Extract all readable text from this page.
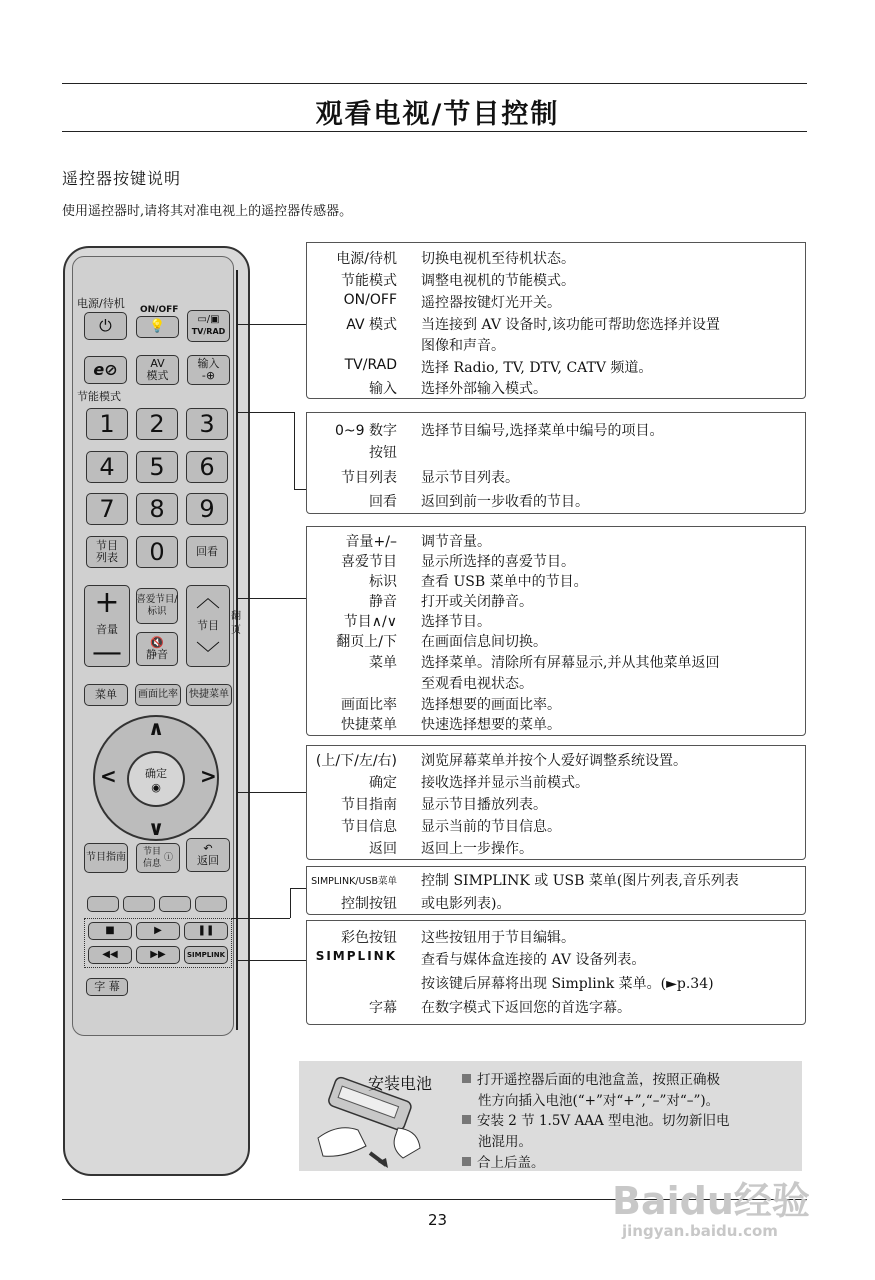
观看电视/节目控制
遥控器按键说明
使用遥控器时,请将其对准电视上的遥控器传感器。
电源/待机 ON/OFF
⏻	💡	▭/▣
TV/RAD
e⊘	AV
模式
输入
-⊕
节能模式
1	2	3
4	5	6
7	8	9
节目
列表	0	回看
+
音量
—
喜爱节目/
标识
🔇
静音
︿
节目
﹀
翻
页
菜单	画面比率	快捷菜单
∧
∨
<	>
确定
◉
节目指南 节目
信息
ⓘ
↶
返回
■	▶	❚❚
◀◀	▶▶	SIMPLINK
字 幕
电源/待机 切换电视机至待机状态。
节能模式 调整电视机的节能模式。
ON/OFF 遥控器按键灯光开关。
AV 模式 当连接到 AV 设备时,该功能可帮助您选择并设置
图像和声音。
TV/RAD 选择 Radio, TV, DTV, CATV 频道。
输入 选择外部输入模式。
0~9 数字 选择节目编号,选择菜单中编号的项目。
按钮
节目列表 显示节目列表。
回看 返回到前一步收看的节目。
音量+/– 调节音量。
喜爱节目 显示所选择的喜爱节目。
标识 查看 USB 菜单中的节目。
静音 打开或关闭静音。
节目∧/∨ 选择节目。
翻页上/下 在画面信息间切换。
菜单 选择菜单。清除所有屏幕显示,并从其他菜单返回
至观看电视状态。
画面比率 选择想要的画面比率。
快捷菜单 快速选择想要的菜单。
(上/下/左/右) 浏览屏幕菜单并按个人爱好调整系统设置。
确定 接收选择并显示当前模式。
节目指南 显示节目播放列表。
节目信息 显示当前的节目信息。
返回 返回上一步操作。
SIMPLINK/USB菜单 控制 SIMPLINK 或 USB 菜单(图片列表,音乐列表
控制按钮 或电影列表)。
彩色按钮 这些按钮用于节目编辑。
SIMPLINK 查看与媒体盒连接的 AV 设备列表。
按该键后屏幕将出现 Simplink 菜单。(►p.34)
字幕 在数字模式下返回您的首选字幕。
安装电池	打开遥控器后面的电池盒盖，按照正确极
性方向插入电池(“+”对“+”,“–”对“–”)。
安装 2 节 1.5V AAA 型电池。切勿新旧电
池混用。
合上后盖。
23	Baidu经验
jingyan.baidu.com
